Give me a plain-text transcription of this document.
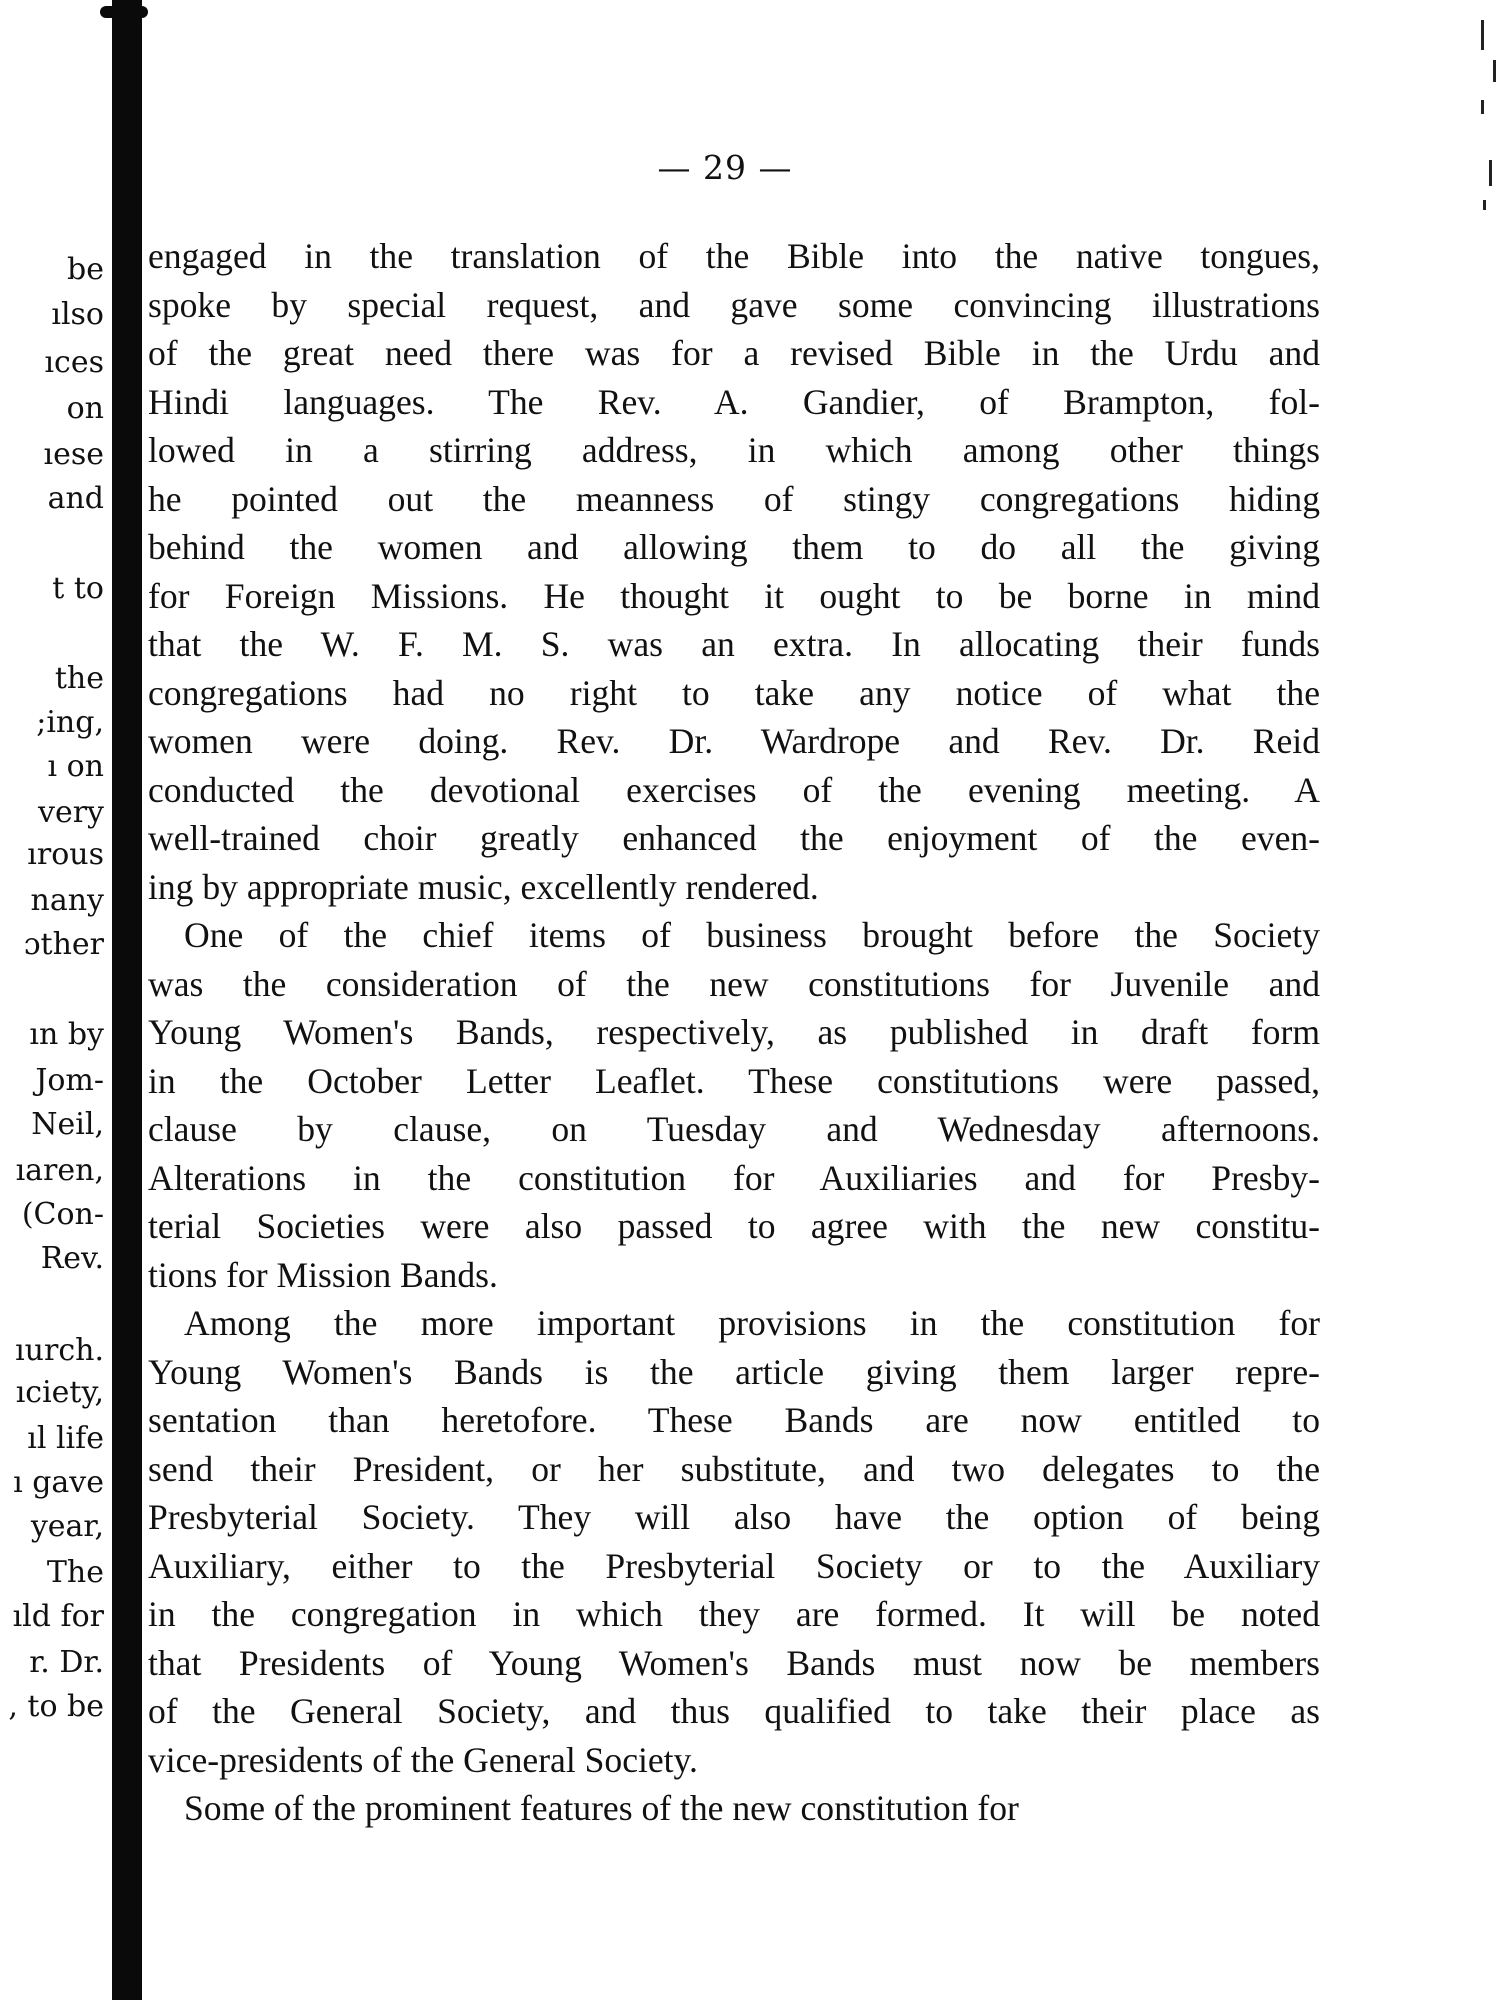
be
ılso
ıces
on
ıese
and
t to
the
;ing,
ı on
very
ırous
nany
ɔther
ın by
Jom-
Neil,
ıaren,
(Con-
Rev.
ıurch.
ıciety,
ıl life
ı gave
year,
The
ıld for
r. Dr.
, to be
— 29 —
engaged in the translation of the Bible into the native tongues,
spoke by special request, and gave some convincing illustrations
of the great need there was for a revised Bible in the Urdu and
Hindi languages. The Rev. A. Gandier, of Brampton, fol-
lowed in a stirring address, in which among other things
he pointed out the meanness of stingy congregations hiding
behind the women and allowing them to do all the giving
for Foreign Missions. He thought it ought to be borne in mind
that the W. F. M. S. was an extra. In allocating their funds
congregations had no right to take any notice of what the
women were doing. Rev. Dr. Wardrope and Rev. Dr. Reid
conducted the devotional exercises of the evening meeting. A
well-trained choir greatly enhanced the enjoyment of the even-
ing by appropriate music, excellently rendered.
One of the chief items of business brought before the Society
was the consideration of the new constitutions for Juvenile and
Young Women's Bands, respectively, as published in draft form
in the October Letter Leaflet. These constitutions were passed,
clause by clause, on Tuesday and Wednesday afternoons.
Alterations in the constitution for Auxiliaries and for Presby-
terial Societies were also passed to agree with the new constitu-
tions for Mission Bands.
Among the more important provisions in the constitution for
Young Women's Bands is the article giving them larger repre-
sentation than heretofore. These Bands are now entitled to
send their President, or her substitute, and two delegates to the
Presbyterial Society. They will also have the option of being
Auxiliary, either to the Presbyterial Society or to the Auxiliary
in the congregation in which they are formed. It will be noted
that Presidents of Young Women's Bands must now be members
of the General Society, and thus qualified to take their place as
vice-presidents of the General Society.
Some of the prominent features of the new constitution for
